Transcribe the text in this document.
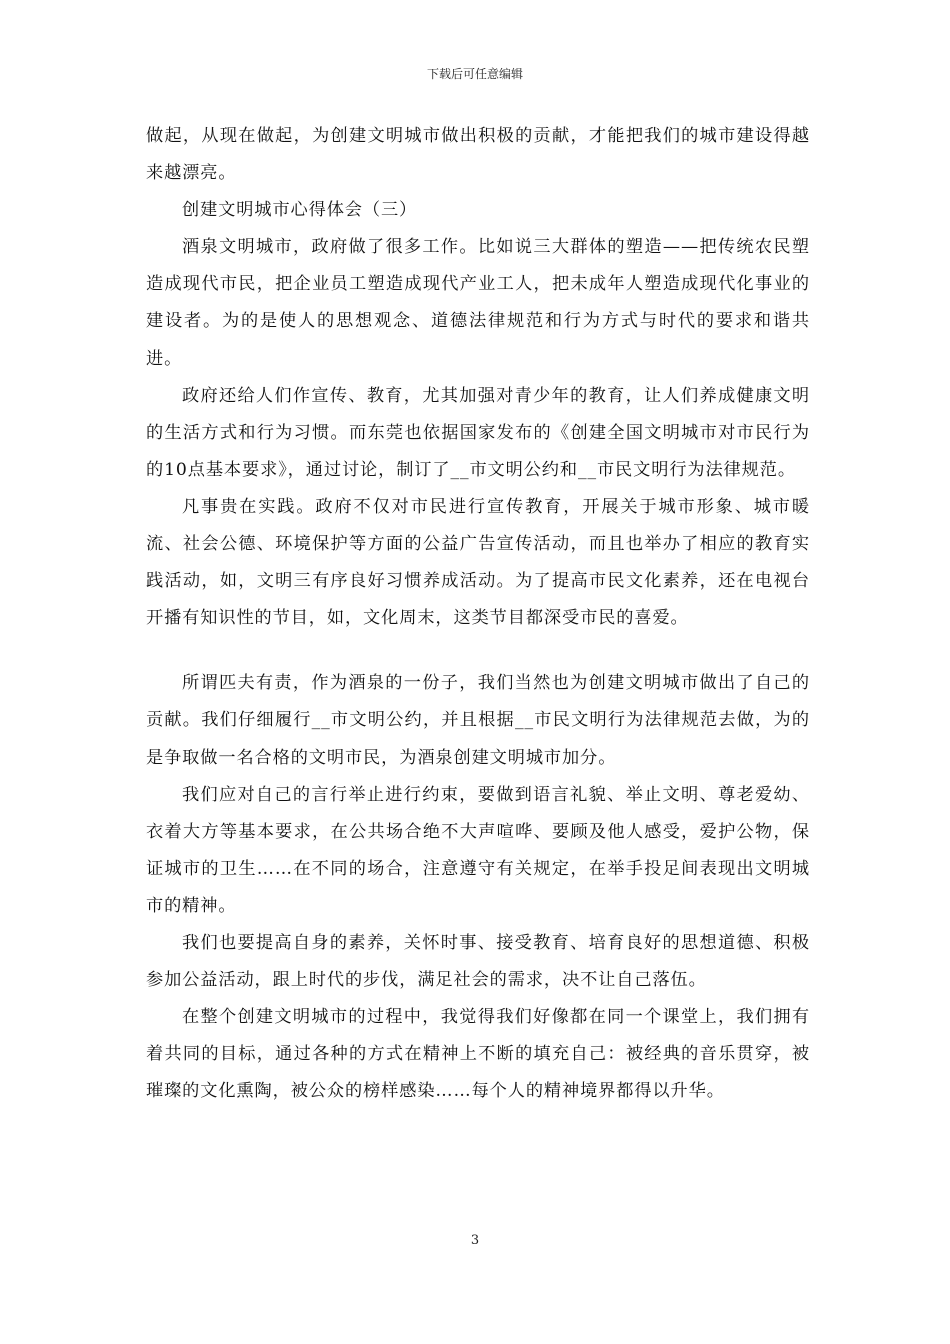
下载后可任意编辑

做起，从现在做起，为创建文明城市做出积极的贡献，才能把我们的城市建设得越来越漂亮。

创建文明城市心得体会（三）

酒泉文明城市，政府做了很多工作。比如说三大群体的塑造——把传统农民塑造成现代市民，把企业员工塑造成现代产业工人，把未成年人塑造成现代化事业的建设者。为的是使人的思想观念、道德法律规范和行为方式与时代的要求和谐共进。

政府还给人们作宣传、教育，尤其加强对青少年的教育，让人们养成健康文明的生活方式和行为习惯。而东莞也依据国家发布的《创建全国文明城市对市民行为的10点基本要求》，通过讨论，制订了__市文明公约和__市民文明行为法律规范。

凡事贵在实践。政府不仅对市民进行宣传教育，开展关于城市形象、城市暖流、社会公德、环境保护等方面的公益广告宣传活动，而且也举办了相应的教育实践活动，如，文明三有序良好习惯养成活动。为了提高市民文化素养，还在电视台开播有知识性的节目，如，文化周末，这类节目都深受市民的喜爱。

所谓匹夫有责，作为酒泉的一份子，我们当然也为创建文明城市做出了自己的贡献。我们仔细履行__市文明公约，并且根据__市民文明行为法律规范去做，为的是争取做一名合格的文明市民，为酒泉创建文明城市加分。

我们应对自己的言行举止进行约束，要做到语言礼貌、举止文明、尊老爱幼、衣着大方等基本要求，在公共场合绝不大声喧哗、要顾及他人感受，爱护公物，保证城市的卫生……在不同的场合，注意遵守有关规定，在举手投足间表现出文明城市的精神。

我们也要提高自身的素养，关怀时事、接受教育、培育良好的思想道德、积极参加公益活动，跟上时代的步伐，满足社会的需求，决不让自己落伍。

在整个创建文明城市的过程中，我觉得我们好像都在同一个课堂上，我们拥有着共同的目标，通过各种的方式在精神上不断的填充自己：被经典的音乐贯穿，被璀璨的文化熏陶，被公众的榜样感染……每个人的精神境界都得以升华。

3
